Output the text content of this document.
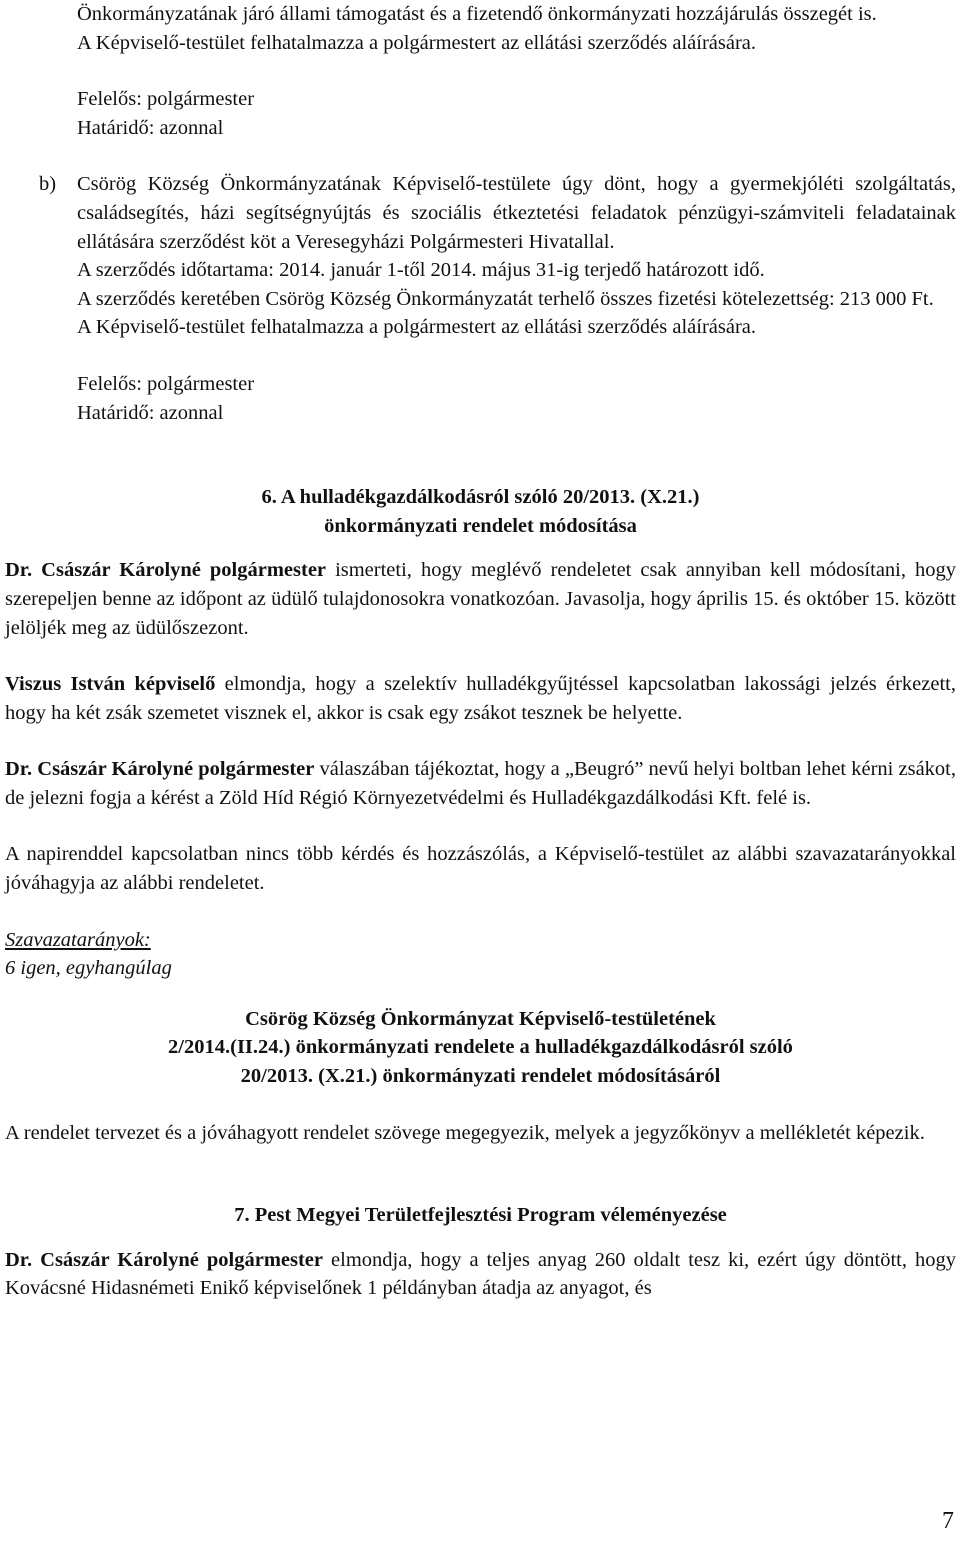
Önkormányzatának járó állami támogatást és a fizetendő önkormányzati hozzájárulás összegét is.

A Képviselő-testület felhatalmazza a polgármestert az ellátási szerződés aláírására.

Felelős: polgármester

Határidő: azonnal

b)	Csörög Község Önkormányzatának Képviselő-testülete úgy dönt, hogy a gyermekjóléti szolgáltatás, családsegítés, házi segítségnyújtás és szociális étkeztetési feladatok pénzügyi-számviteli feladatainak ellátására szerződést köt a Veresegyházi Polgármesteri Hivatallal.

A szerződés időtartama: 2014. január 1-től 2014. május 31-ig terjedő határozott idő.

A szerződés keretében Csörög Község Önkormányzatát terhelő összes fizetési kötelezettség: 213 000 Ft.

A Képviselő-testület felhatalmazza a polgármestert az ellátási szerződés aláírására.

Felelős: polgármester

Határidő: azonnal

6. A hulladékgazdálkodásról szóló 20/2013. (X.21.)

önkormányzati rendelet módosítása

Dr. Császár Károlyné polgármester ismerteti, hogy meglévő rendeletet csak annyiban kell módosítani, hogy szerepeljen benne az időpont az üdülő tulajdonosokra vonatkozóan. Javasolja, hogy április 15. és október 15. között jelöljék meg az üdülőszezont.

Viszus István képviselő elmondja, hogy a szelektív hulladékgyűjtéssel kapcsolatban lakossági jelzés érkezett, hogy ha két zsák szemetet visznek el, akkor is csak egy zsákot tesznek be helyette.

Dr. Császár Károlyné polgármester válaszában tájékoztat, hogy a „Beugró” nevű helyi boltban lehet kérni zsákot, de jelezni fogja a kérést a Zöld Híd Régió Környezetvédelmi és Hulladékgazdálkodási Kft. felé is.

A napirenddel kapcsolatban nincs több kérdés és hozzászólás, a Képviselő-testület az alábbi szavazatarányokkal jóváhagyja az alábbi rendeletet.

Szavazatarányok:

6 igen, egyhangúlag

Csörög Község Önkormányzat Képviselő-testületének

2/2014.(II.24.) önkormányzati rendelete a hulladékgazdálkodásról szóló

20/2013. (X.21.) önkormányzati rendelet módosításáról

A rendelet tervezet és a jóváhagyott rendelet szövege megegyezik, melyek a jegyzőkönyv a mellékletét képezik.

7. Pest Megyei Területfejlesztési Program véleményezése

Dr. Császár Károlyné polgármester elmondja, hogy a teljes anyag 260 oldalt tesz ki, ezért úgy döntött, hogy Kovácsné Hidasnémeti Enikő képviselőnek 1 példányban átadja az anyagot, és

7
